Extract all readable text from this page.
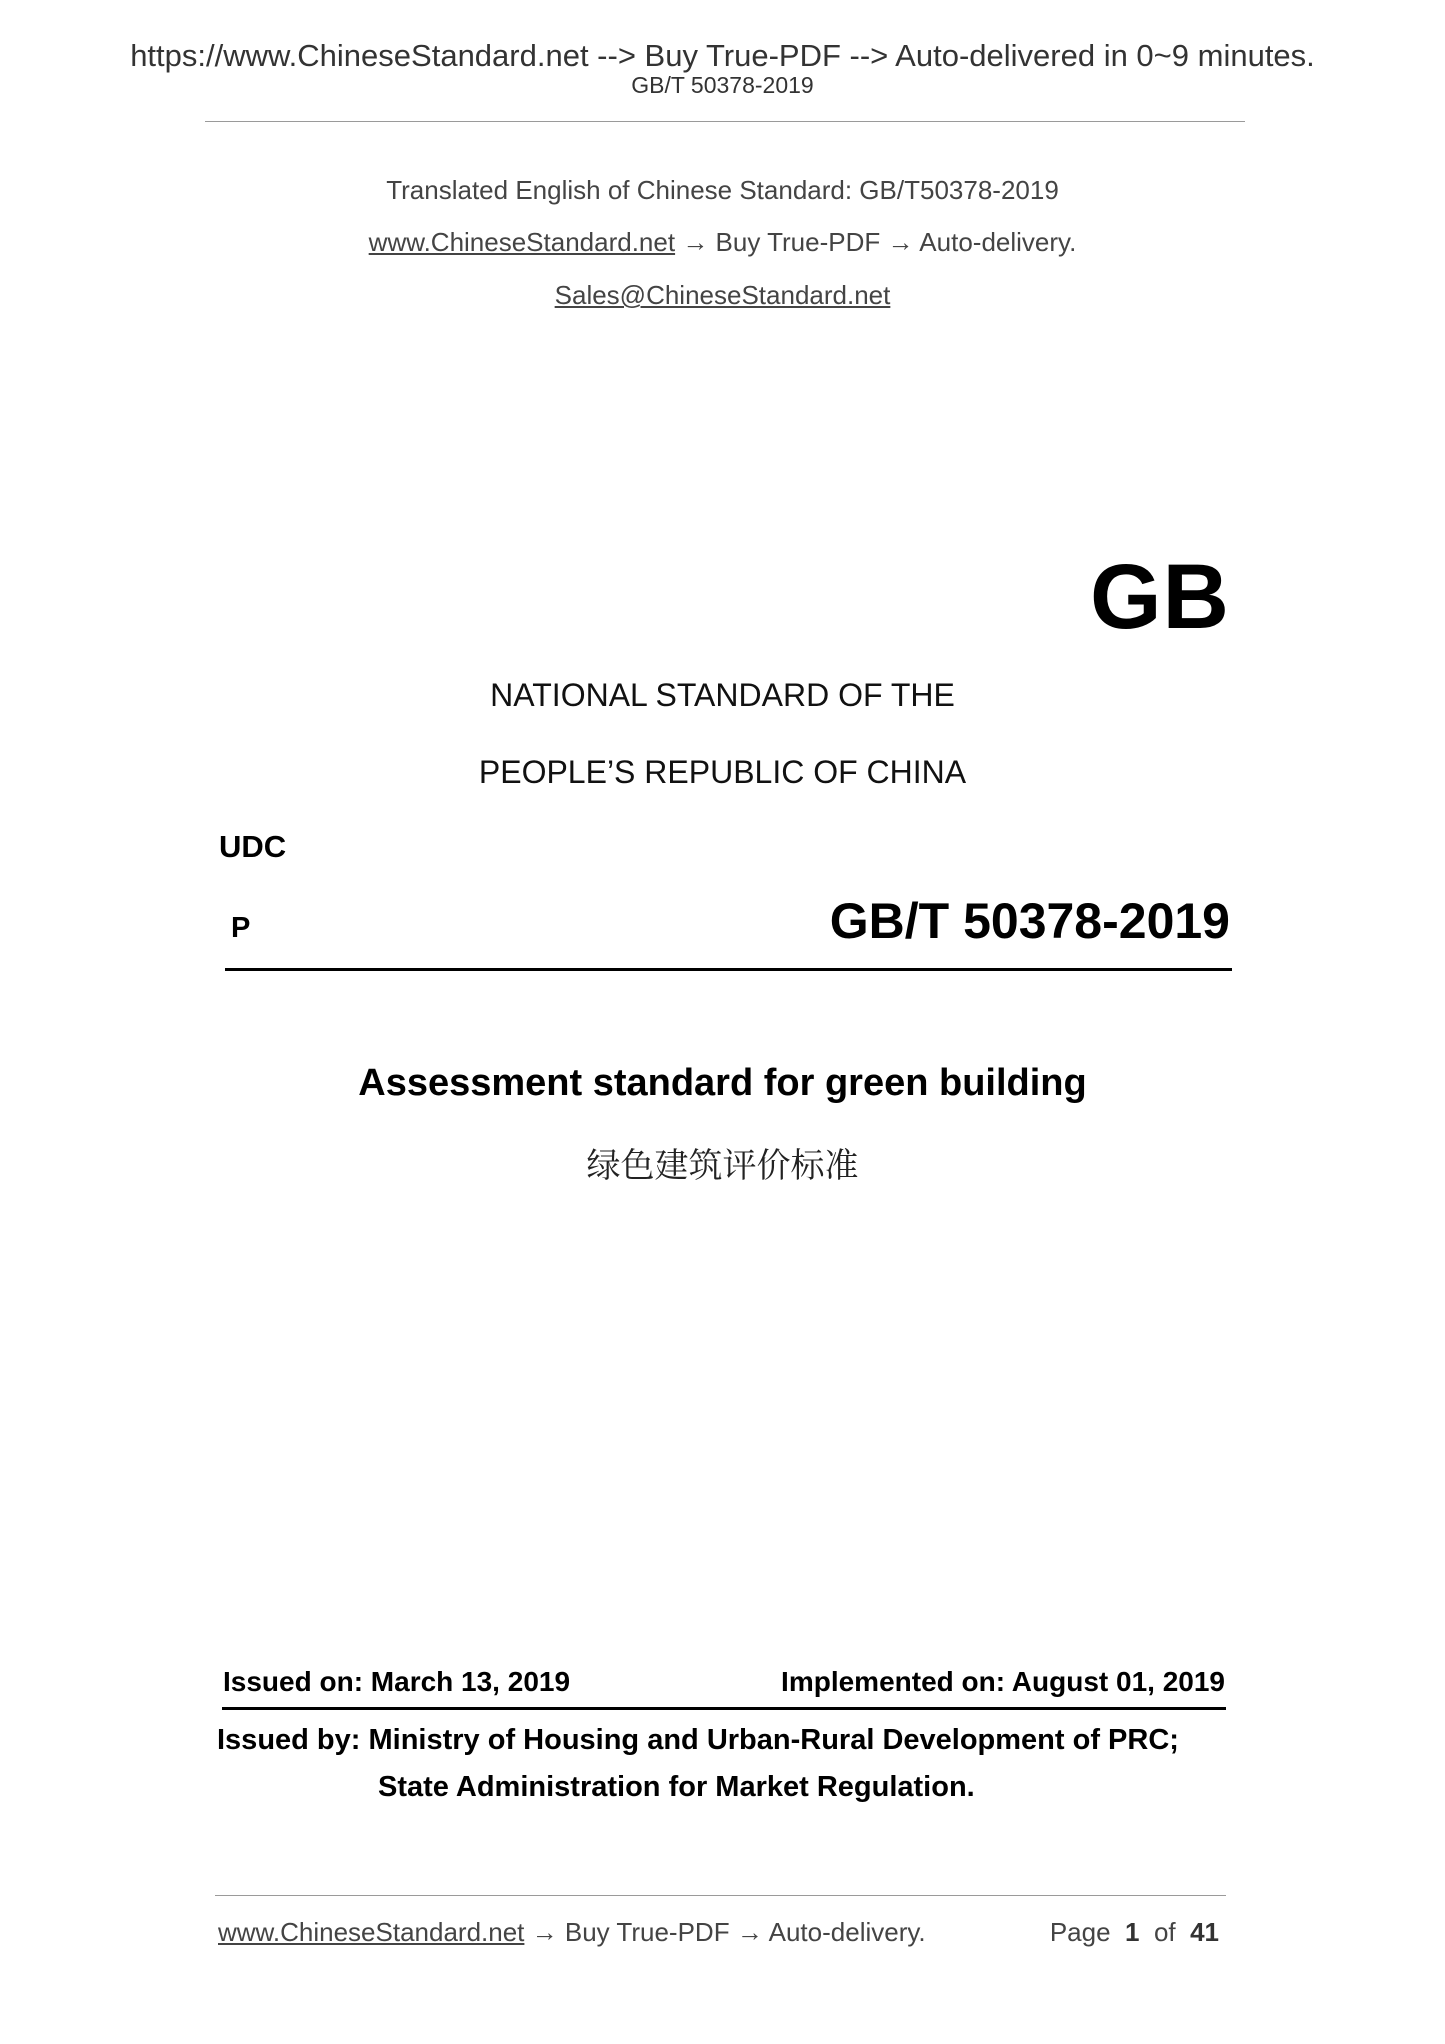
https://www.ChineseStandard.net --> Buy True-PDF --> Auto-delivered in 0~9 minutes.
GB/T 50378-2019
Translated English of Chinese Standard: GB/T50378-2019
www.ChineseStandard.net → Buy True-PDF → Auto-delivery.
Sales@ChineseStandard.net
GB
NATIONAL STANDARD OF THE
PEOPLE’S REPUBLIC OF CHINA
UDC
P	GB/T 50378-2019
Assessment standard for green building
绿色建筑评价标准
Issued on: March 13, 2019	Implemented on: August 01, 2019
Issued by: Ministry of Housing and Urban-Rural Development of PRC;
State Administration for Market Regulation.
www.ChineseStandard.net → Buy True-PDF → Auto-delivery.	Page 1 of 41
